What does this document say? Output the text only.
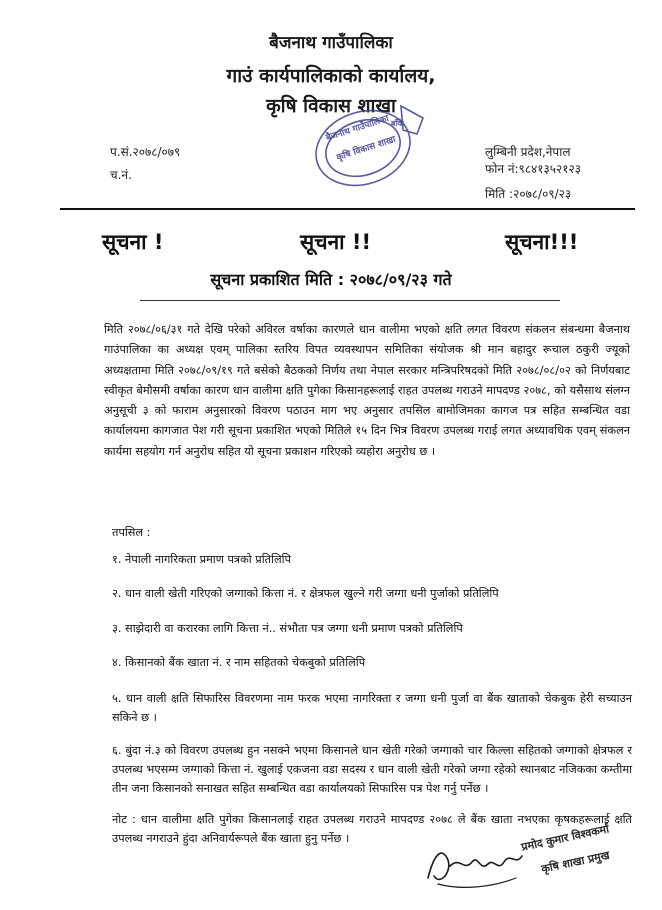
बैजनाथ गाउँपालिका
गाउं कार्यपालिकाको कार्यालय,
कृषि विकास शाखा
प.सं.२०७८/०७९
च.नं.
लुम्बिनी प्रदेश,नेपाल
फोन नं:९८४१३५२१२३
मिति :२०७८/०९/२३
बैजनाथ गाउँपालिका
कृषि विकास शाखा
बाँके
सूचना !	सूचना !!	सूचना!!!
सूचना प्रकाशित मिति : २०७८/०९/२३ गते
मिति २०७८/०६/३१ गते देखि परेको अविरल वर्षाका कारणले धान वालीमा भएको क्षति लगत विवरण संकलन संबन्धमा बैजनाथ गाउंपालिका का अध्यक्ष एवम् पालिका स्तरिय विपत व्यवस्थापन समितिका संयोजक श्री मान बहादुर रूचाल ठकुरी ज्यूको अध्यक्षतामा मिति २०७८/०९/१९ गते बसेको बैठकको निर्णय तथा नेपाल सरकार मन्त्रिपरिषदको मिति २०७८/०८/०२ को निर्णयबाट स्वीकृत बेमौसमी वर्षाका कारण धान वालीमा क्षति पुगेका किसानहरूलाई राहत उपलब्ध गराउने मापदण्ड २०७८, को यसैसाथ संलग्न अनुसूची ३ को फाराम अनुसारको विवरण पठाउन माग भए अनुसार तपसिल बामोजिमका कागज पत्र सहित सम्बन्धित वडा कार्यालयमा कागजात पेश गरी सूचना प्रकाशित भएको मितिले १५ दिन भित्र विवरण उपलब्ध गराई लगत अध्यावधिक एवम् संकलन कार्यमा सहयोग गर्न अनुरोध सहित यो सूचना प्रकाशन गरिएको व्यहोरा अनुरोध छ ।
तपसिल :
१. नेपाली नागरिकता प्रमाण पत्रको प्रतिलिपि
२. धान वाली खेती गरिएको जग्गाको कित्ता नं. र क्षेत्रफल खुल्ने गरी जग्गा धनी पुर्जाको प्रतिलिपि
३. साझेदारी वा करारका लागि कित्ता नं.. संभौता पत्र जग्गा धनी प्रमाण पत्रको प्रतिलिपि
४. किसानको बैंक खाता नं. र नाम सहितको चेकबुको प्रतिलिपि
५. धान वाली क्षति सिफारिस विवरणमा नाम फरक भएमा नागरिक्ता र जग्गा धनी पुर्जा वा बैंक खाताको चेकबुक हेरी सच्याउन सकिने छ ।
६. बुंदा नं.३ को विवरण उपलब्ध हुन नसक्ने भएमा किसानले धान खेती गरेको जग्गाको चार किल्ला सहितको जग्गाको क्षेत्रफल र उपलब्ध भएसम्म जग्गाको कित्ता नं. खुलाई एकजना वडा सदस्य र धान वाली खेती गरेको जग्गा रहेको स्थानबाट नजिकका कम्तीमा तीन जना किसानको सनाखत सहित सम्बन्धित वडा कार्यालयको सिफारिस पत्र पेश गर्नु पर्नेछ ।
नोट : धान वालीमा क्षति पुगेका किसानलाई राहत उपलब्ध गराउने मापदण्ड २०७८ ले बैंक खाता नभएका कृषकहरूलाई क्षति उपलब्ध नगराउने हुंदा अनिवार्यरूपले बैंक खाता हुनु पर्नेछ ।	प्रमोद कुमार विश्वकर्मा
कृषि शाखा प्रमुख
